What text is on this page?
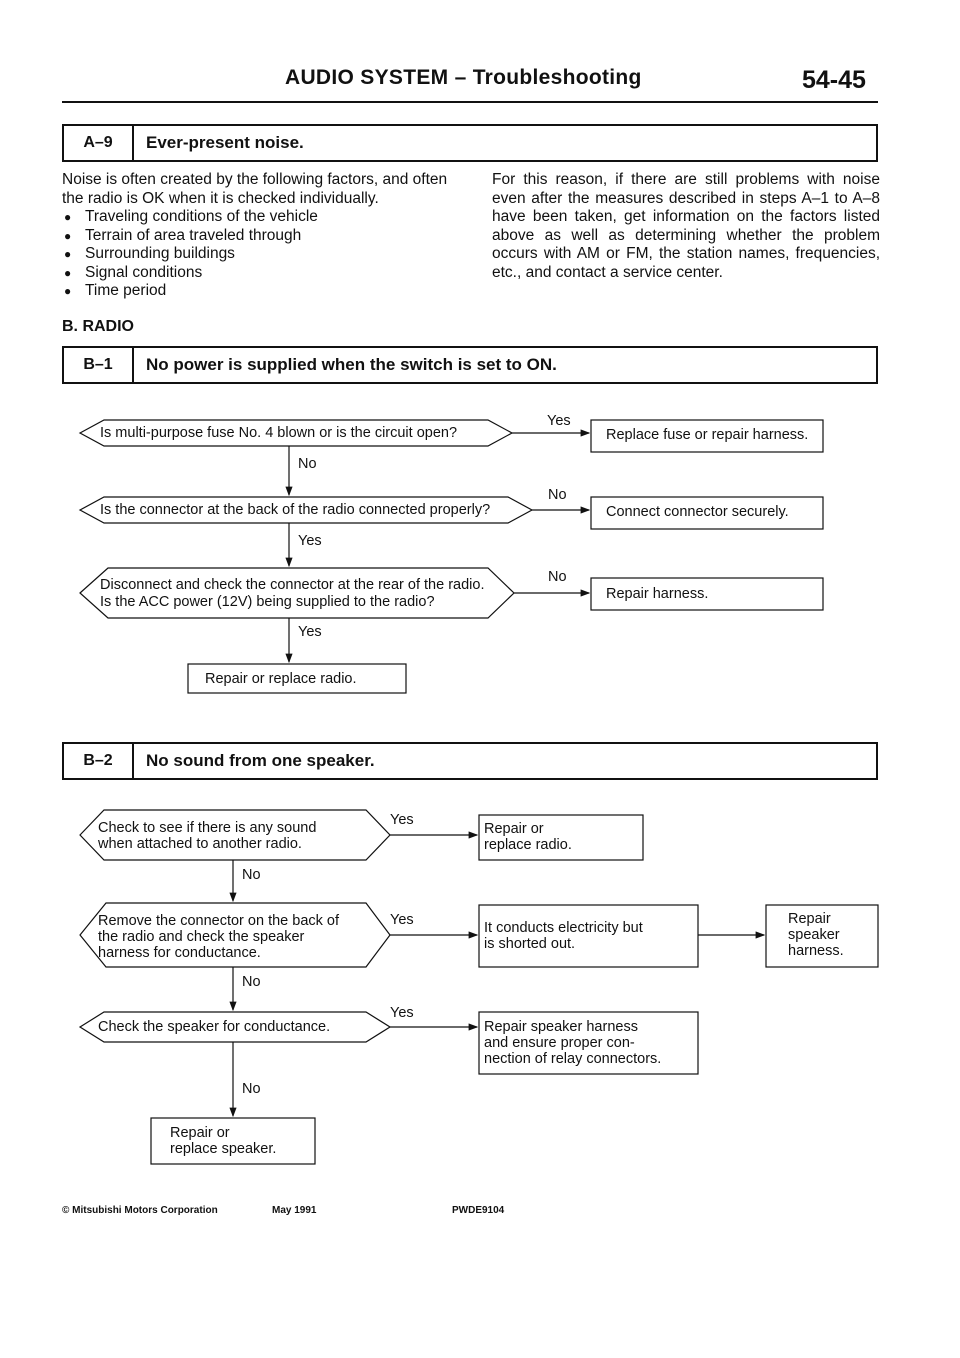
AUDIO SYSTEM – Troubleshooting	54-45
A–9	Ever-present noise.

Noise is often created by the following factors, and often the radio is OK when it is checked individually.

● Traveling conditions of the vehicle
● Terrain of area traveled through
● Surrounding buildings
● Signal conditions
● Time period
For this reason, if there are still problems with noise even after the measures described in steps A–1 to A–8 have been taken, get information on the factors listed above as well as determining whether the problem occurs with AM or FM, the station names, frequencies, etc., and contact a service center.
B. RADIO
B–1	No power is supplied when the switch is set to ON.
B–2	No sound from one speaker.
Is multi-purpose fuse No. 4 blown or is the circuit open?
Yes
Replace fuse or repair harness.
No
Is the connector at the back of the radio connected properly?
No
Connect connector securely.
Yes
Disconnect and check the connector at the rear of the radio.
Is the ACC power (12V) being supplied to the radio?
No
Repair harness.
Yes
Repair or replace radio.
Check to see if there is any sound
when attached to another radio.
Yes
Repair or
replace radio.
No
Remove the connector on the back of
the radio and check the speaker
harness for conductance.
Yes	It conducts electricity but
is shorted out.
Repair
speaker
harness.
No
Check the speaker for conductance.
Yes
Repair speaker harness
and ensure proper con-
nection of relay connectors.
No
Repair or
replace speaker.
© Mitsubishi Motors Corporation	May 1991	PWDE9104
